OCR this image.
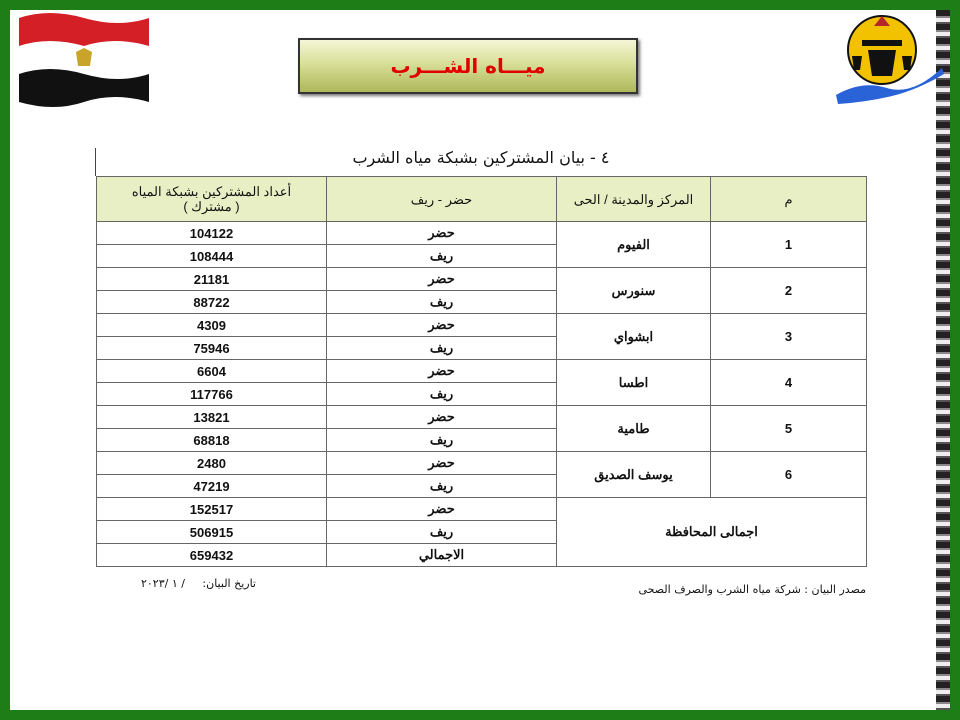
ميـــاه الشـــرب
٤ - بيان المشتركين بشبكة مياه الشرب
م	المركز والمدينة / الحى	حضر - ريف	أعداد المشتركين بشبكة المياه
( مشترك )

1	الفيوم	حضر	104122
		ريف	108444
2	سنورس	حضر	21181
		ريف	88722
3	ابشواي	حضر	4309
		ريف	75946
4	اطسا	حضر	6604
		ريف	117766
5	طامية	حضر	13821
		ريف	68818
6	يوسف الصديق	حضر	2480
		ريف	47219
اجمالى المحافظة		حضر	152517
		ريف	506915
		الاجمالي	659432
مصدر البيان : شركة مياه الشرب والصرف الصحى
تاريخ البيان:     / ١ /٢٠٢٣
